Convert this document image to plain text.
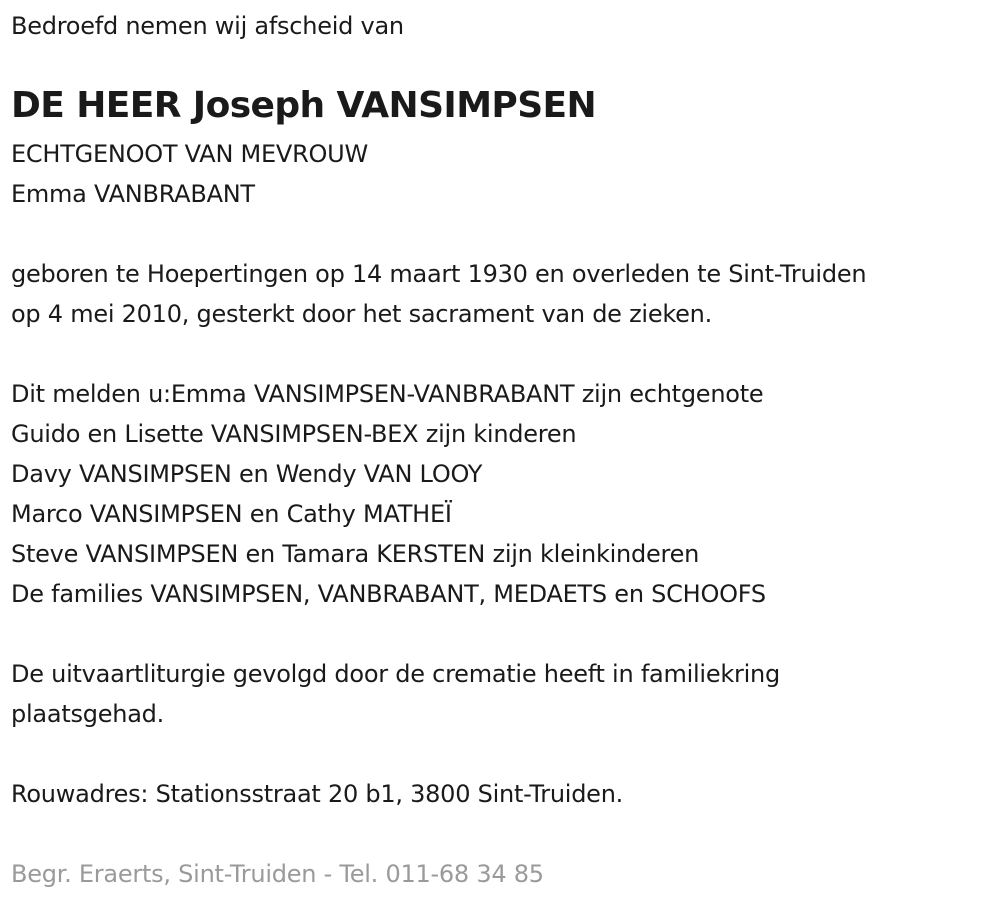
Bedroefd nemen wij afscheid van
DE HEER Joseph VANSIMPSEN
ECHTGENOOT VAN MEVROUW
Emma VANBRABANT
geboren te Hoepertingen op 14 maart 1930 en overleden te Sint-Truiden
op 4 mei 2010, gesterkt door het sacrament van de zieken.
Dit melden u:Emma VANSIMPSEN-VANBRABANT zijn echtgenote
Guido en Lisette VANSIMPSEN-BEX zijn kinderen
Davy VANSIMPSEN en Wendy VAN LOOY
Marco VANSIMPSEN en Cathy MATHEÏ
Steve VANSIMPSEN en Tamara KERSTEN zijn kleinkinderen
De families VANSIMPSEN, VANBRABANT, MEDAETS en SCHOOFS
De uitvaartliturgie gevolgd door de crematie heeft in familiekring
plaatsgehad.
Rouwadres: Stationsstraat 20 b1, 3800 Sint-Truiden.
Begr. Eraerts, Sint-Truiden - Tel. 011-68 34 85
